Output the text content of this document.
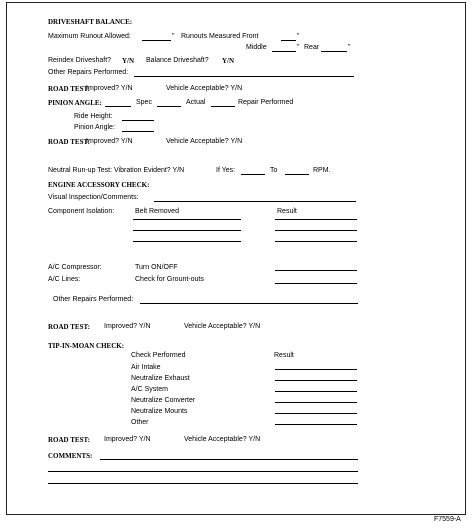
DRIVESHAFT BALANCE:
Maximum Runout Allowed:	" Runouts Measured Front	"
Middle	" Rear	"
Reindex Driveshaft? Y/N Balance Driveshaft? Y/N
Other Repairs Performed:
ROAD TEST:
Improved? Y/N	Vehicle Acceptable? Y/N
PINION ANGLE:	Spec	Actual	Repair Performed
Ride Height:
Pinion Angle:
ROAD TEST:
Improved? Y/N	Vehicle Acceptable? Y/N
Neutral Run-up Test: Vibration Evident? Y/N	If Yes:	To	RPM.
ENGINE ACCESSORY CHECK:
Visual Inspection/Comments:
Component Isolation:	Belt Removed	Result
A/C Compressor:	Turn ON/OFF
A/C Lines:	Check for Grount-outs
Other Repairs Performed:
ROAD TEST: Improved? Y/N	Vehicle Acceptable? Y/N
TIP-IN-MOAN CHECK:
Check Performed	Result
Air Intake
Neutralize Exhaust
A/C System
Neutralize Converter
Neutralize Mounts
Other
ROAD TEST: Improved? Y/N	Vehicle Acceptable? Y/N
COMMENTS:
F7559-A
